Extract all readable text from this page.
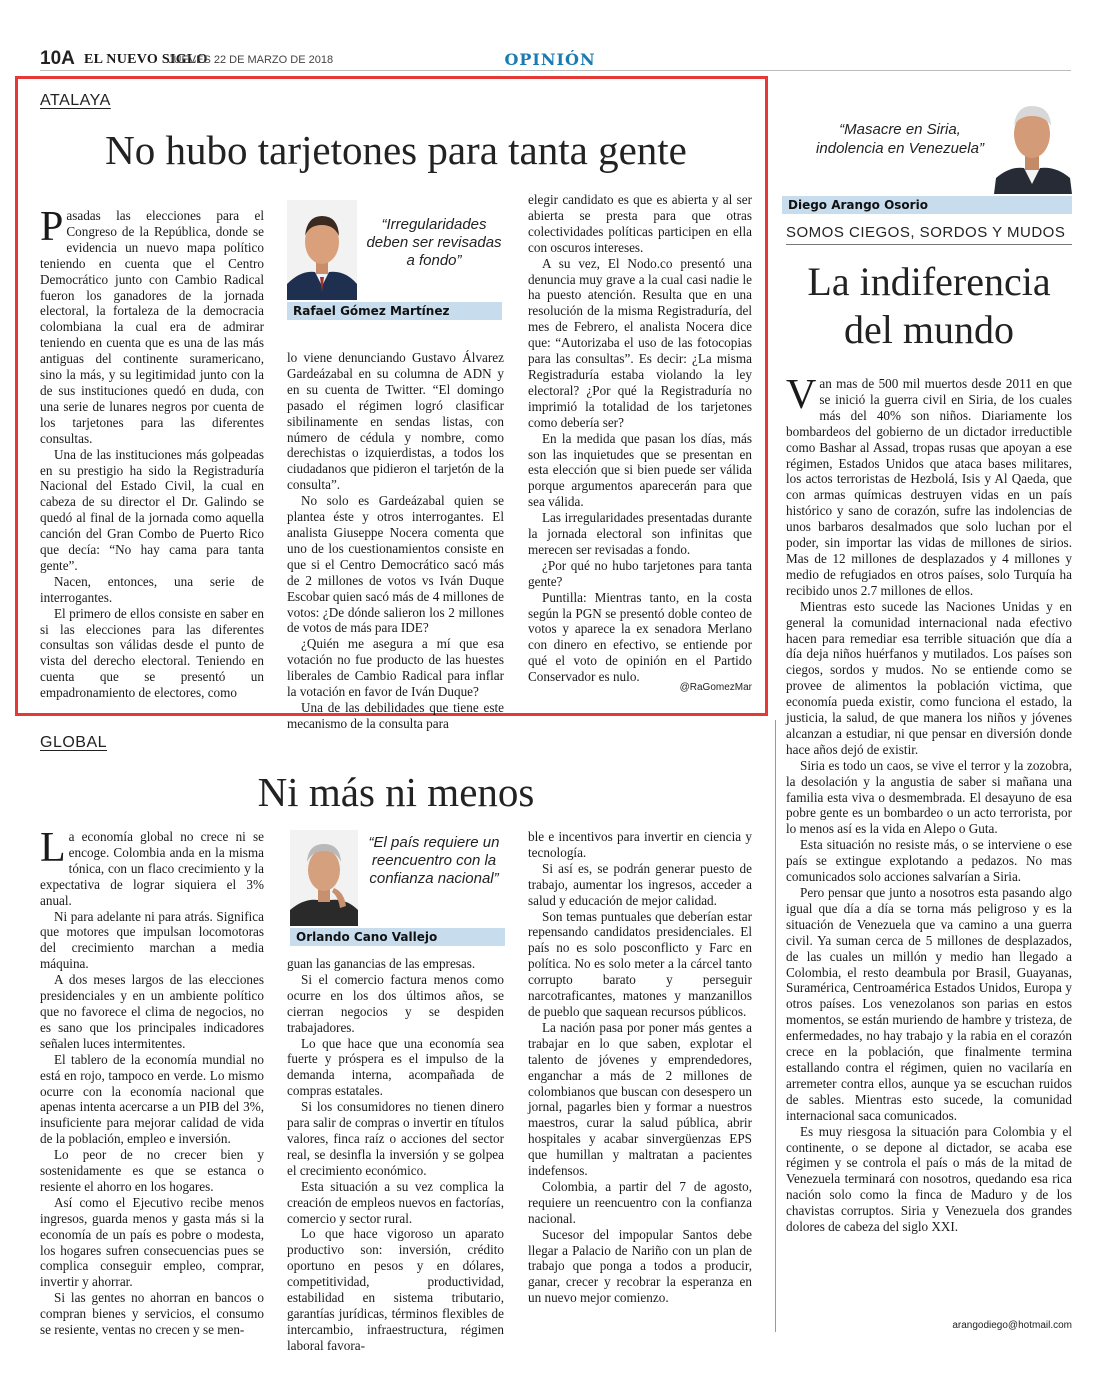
10A EL NUEVO SIGLO
JUEVES 22 DE MARZO DE 2018	OPINIÓN
ATALAYA
No hubo tarjetones para tanta gente

Pasadas las elecciones para el Congreso de la República, donde se evidencia un nuevo mapa político teniendo en cuenta que el Centro Democrático junto con Cambio Radical fueron los ganadores de la jornada electoral, la fortaleza de la democracia colombiana la cual era de admirar teniendo en cuenta que es una de las más antiguas del continente suramericano, sino la más, y su legitimidad junto con la de sus instituciones quedó en duda, con una serie de lunares negros por cuenta de los tarjetones para las diferentes consultas.

Una de las instituciones más golpeadas en su prestigio ha sido la Registraduría Nacional del Estado Civil, la cual en cabeza de su director el Dr. Galindo se quedó al final de la jornada como aquella canción del Gran Combo de Puerto Rico que decía: “No hay cama para tanta gente”.

Nacen, entonces, una serie de interrogantes.

El primero de ellos consiste en saber en si las elecciones para las diferentes consultas son válidas desde el punto de vista del derecho electoral. Teniendo en cuenta que se presentó un empadronamiento de electores, como

“Irregularidades deben ser revisadas a fondo”
Rafael Gómez Martínez

lo viene denunciando Gustavo Álvarez Gardeázabal en su columna de ADN y en su cuenta de Twitter. “El domingo pasado el régimen logró clasificar sibilinamente en sendas listas, con número de cédula y nombre, como derechistas o izquierdistas, a todos los ciudadanos que pidieron el tarjetón de la consulta”.

No solo es Gardeázabal quien se plantea éste y otros interrogantes. El analista Giuseppe Nocera comenta que uno de los cuestionamientos consiste en que si el Centro Democrático sacó más de 2 millones de votos vs Iván Duque Escobar quien sacó más de 4 millones de votos: ¿De dónde salieron los 2 millones de votos de más para IDE?

¿Quién me asegura a mí que esa votación no fue producto de las huestes liberales de Cambio Radical para inflar la votación en favor de Iván Duque?

Una de las debilidades que tiene este mecanismo de la consulta para

elegir candidato es que es abierta y al ser abierta se presta para que otras colectividades políticas participen en ella con oscuros intereses.

A su vez, El Nodo.co presentó una denuncia muy grave a la cual casi nadie le ha puesto atención. Resulta que en una resolución de la misma Registraduría, del mes de Febrero, el analista Nocera dice que: “Autorizaba el uso de las fotocopias para las consultas”. Es decir: ¿La misma Registraduría estaba violando la ley electoral? ¿Por qué la Registraduría no imprimió la totalidad de los tarjetones como debería ser?

En la medida que pasan los días, más son las inquietudes que se presentan en esta elección que si bien puede ser válida porque argumentos aparecerán para que sea válida.

Las irregularidades presentadas durante la jornada electoral son infinitas que merecen ser revisadas a fondo.

¿Por qué no hubo tarjetones para tanta gente?

Puntilla: Mientras tanto, en la costa según la PGN se presentó doble conteo de votos y aparece la ex senadora Merlano con dinero en efectivo, se entiende por qué el voto de opinión en el Partido Conservador es nulo.

@RaGomezMar
GLOBAL
Ni más ni menos

La economía global no crece ni se encoge. Colombia anda en la misma tónica, con un flaco crecimiento y la expectativa de lograr siquiera el 3% anual.

Ni para adelante ni para atrás. Significa que motores que impulsan locomotoras del crecimiento marchan a media máquina.

A dos meses largos de las elecciones presidenciales y en un ambiente político que no favorece el clima de negocios, no es sano que los principales indicadores señalen luces intermitentes.

El tablero de la economía mundial no está en rojo, tampoco en verde. Lo mismo ocurre con la economía nacional que apenas intenta acercarse a un PIB del 3%, insuficiente para mejorar calidad de vida de la población, empleo e inversión.

Lo peor de no crecer bien y sostenidamente es que se estanca o resiente el ahorro en los hogares.

Así como el Ejecutivo recibe menos ingresos, guarda menos y gasta más si la economía de un país es pobre o modesta, los hogares sufren consecuencias pues se complica conseguir empleo, comprar, invertir y ahorrar.

Si las gentes no ahorran en bancos o compran bienes y servicios, el consumo se resiente, ventas no crecen y se men-

“El país requiere un reencuentro con la confianza nacional”
Orlando Cano Vallejo

guan las ganancias de las empresas.

Si el comercio factura menos como ocurre en los dos últimos años, se cierran negocios y se despiden trabajadores.

Lo que hace que una economía sea fuerte y próspera es el impulso de la demanda interna, acompañada de compras estatales.

Si los consumidores no tienen dinero para salir de compras o invertir en títulos valores, finca raíz o acciones del sector real, se desinfla la inversión y se golpea el crecimiento económico.

Esta situación a su vez complica la creación de empleos nuevos en factorías, comercio y sector rural.

Lo que hace vigoroso un aparato productivo son: inversión, crédito oportuno en pesos y en dólares, competitividad, productividad, estabilidad en sistema tributario, garantías jurídicas, términos flexibles de intercambio, infraestructura, régimen laboral favora-

ble e incentivos para invertir en ciencia y tecnología.

Si así es, se podrán generar puesto de trabajo, aumentar los ingresos, acceder a salud y educación de mejor calidad.

Son temas puntuales que deberían estar repensando candidatos presidenciales. El país no es solo posconflicto y Farc en política. No es solo meter a la cárcel tanto corrupto barato y perseguir narcotraficantes, matones y manzanillos de pueblo que saquean recursos públicos.

La nación pasa por poner más gentes a trabajar en lo que saben, explotar el talento de jóvenes y emprendedores, enganchar a más de 2 millones de colombianos que buscan con desespero un jornal, pagarles bien y formar a nuestros maestros, curar la salud pública, abrir hospitales y acabar sinvergüenzas EPS que humillan y maltratan a pacientes indefensos.

Colombia, a partir del 7 de agosto, requiere un reencuentro con la confianza nacional.

Sucesor del impopular Santos debe llegar a Palacio de Nariño con un plan de trabajo que ponga a todos a producir, ganar, crecer y recobrar la esperanza en un nuevo mejor comienzo.

“Masacre en Siria, indolencia en Venezuela”
Diego Arango Osorio
SOMOS CIEGOS, SORDOS Y MUDOS
La indiferencia del mundo

Van mas de 500 mil muertos desde 2011 en que se inició la guerra civil en Siria, de los cuales más del 40% son niños. Diariamente los bombardeos del gobierno de un dictador irreductible como Bashar al Assad, tropas rusas que apoyan a ese régimen, Estados Unidos que ataca bases militares, los actos terroristas de Hezbolá, Isis y Al Qaeda, que con armas químicas destruyen vidas en un país histórico y sano de corazón, sufre las indolencias de unos barbaros desalmados que solo luchan por el poder, sin importar las vidas de millones de sirios. Mas de 12 millones de desplazados y 4 millones y medio de refugiados en otros países, solo Turquía ha recibido unos 2.7 millones de ellos.

Mientras esto sucede las Naciones Unidas y en general la comunidad internacional nada efectivo hacen para remediar esa terrible situación que día a día deja niños huérfanos y mutilados. Los países son ciegos, sordos y mudos. No se entiende como se provee de alimentos la población victima, que economía pueda existir, como funciona el estado, la justicia, la salud, de que manera los niños y jóvenes alcanzan a estudiar, ni que pensar en diversión donde hace años dejó de existir.

Siria es todo un caos, se vive el terror y la zozobra, la desolación y la angustia de saber si mañana una familia esta viva o desmembrada. El desayuno de esa pobre gente es un bombardeo o un acto terrorista, por lo menos así es la vida en Alepo o Guta.

Esta situación no resiste más, o se interviene o ese país se extingue explotando a pedazos. No mas comunicados solo acciones salvarían a Siria.

Pero pensar que junto a nosotros esta pasando algo igual que día a día se torna más peligroso y es la situación de Venezuela que va camino a una guerra civil. Ya suman cerca de 5 millones de desplazados, de las cuales un millón y medio han llegado a Colombia, el resto deambula por Brasil, Guayanas, Suramérica, Centroamérica Estados Unidos, Europa y otros países. Los venezolanos son parias en estos momentos, se están muriendo de hambre y tristeza, de enfermedades, no hay trabajo y la rabia en el corazón crece en la población, que finalmente termina estallando contra el régimen, quien no vacilaría en arremeter contra ellos, aunque ya se escuchan ruidos de sables. Mientras esto sucede, la comunidad internacional saca comunicados.

Es muy riesgosa la situación para Colombia y el continente, o se depone al dictador, se acaba ese régimen y se controla el país o más de la mitad de Venezuela terminará con nosotros, quedando esa rica nación solo como la finca de Maduro y de los chavistas corruptos. Siria y Venezuela dos grandes dolores de cabeza del siglo XXI.

arangodiego@hotmail.com
